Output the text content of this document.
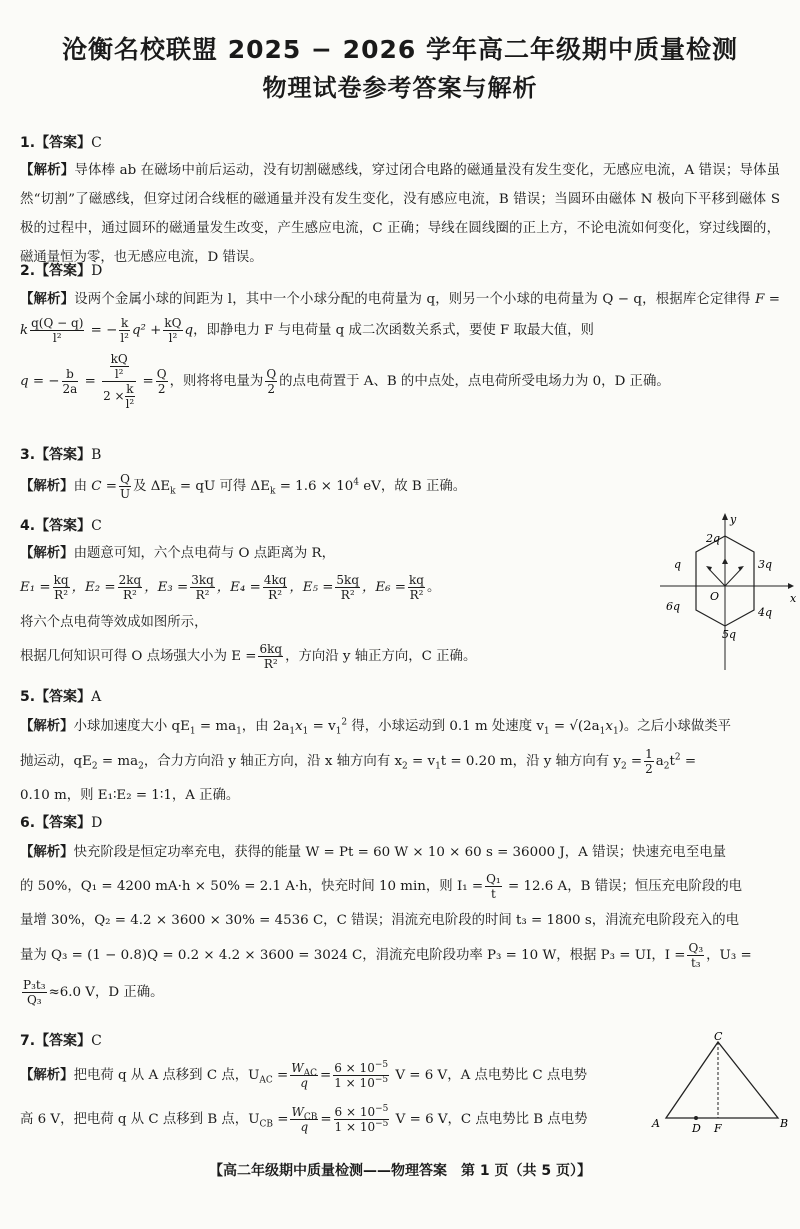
沧衡名校联盟 2025 − 2026 学年高二年级期中质量检测
物理试卷参考答案与解析
1.【答案】C

【解析】导体棒 ab 在磁场中前后运动，没有切割磁感线，穿过闭合电路的磁通量没有发生变化，无感应电流，A 错误；导体虽然“切割”了磁感线，但穿过闭合线框的磁通量并没有发生变化，没有感应电流，B 错误；当圆环由磁体 N 极向下平移到磁体 S 极的过程中，通过圆环的磁通量发生改变，产生感应电流，C 正确；导线在圆线圈的正上方，不论电流如何变化，穿过线圈的，磁通量恒为零，也无感应电流，D 错误。

2.【答案】D

【解析】设两个金属小球的间距为 l，其中一个小球分配的电荷量为 q，则另一个小球的电荷量为 Q − q，根据库仑定律得 F = k $\frac{q(Q - q)}{\text{l²}}$ = − $\frac{k}{\text{l²}} q^2 + \frac{kQ}{\text{l²}}$ q，即静电力 F 与电荷量 q 成二次函数关系式，要使 F 取最大值，则

q = − $\frac{b}{2a} = \frac{\frac{kQ}{\text{l²}}}{2 \times \frac{k}{\text{l²}}} = \frac{Q}{2}$ ，则将将电量为 $\frac{Q}{2}$ 的点电荷置于 A、B 的中点处，点电荷所受电场力为 0，D 正确。

3.【答案】B

【解析】由 $C = \frac{Q}{U}$ 及 $\Delta E_k$ = qU 可得 $\Delta E_k = 1.6 \times 10^4$ eV，故 B 正确。

4.【答案】C

【解析】由题意可知，六个点电荷与 O 点距离为 R，

$E_1 = \frac{kq}{\text{R²}}$ ，$E_2 = \frac{2kq}{\text{R²}}$ ，$E_3 = \frac{3kq}{\text{R²}}$ ，$E_4 = \frac{4kq}{\text{R²}}$ ，$E_5 = \frac{5kq}{\text{R²}}$ ，$E_6 = \frac{kq}{\text{R²}}$ 。

将六个点电荷等效成如图所示，

根据几何知识可得 O 点场强大小为 $E = \frac{6kq}{\text{R²}}$ ，方向沿 y 轴正方向，C 正确。

y
x
O
2q
q	3q
6q	4q
5q
5.【答案】A

【解析】小球加速度大小 $qE_1 = ma_1$，由 $2a_1x_1 = v_1^2$ 得，小球运动到 0.1 m 处速度 $v_1 = √(2a_1x_1)$。之后小球做类平

抛运动，$qE_2 = ma_2$，合力方向沿 y 轴正方向，沿 x 轴方向有 $x_2 = v_1t = 0.20$ m，沿 y 轴方向有 $y_2 = \frac{1}{2} a_2t^2$ =

0.10 m，则 E₁∶E₂ = 1∶1，A 正确。

6.【答案】D

【解析】快充阶段是恒定功率充电，获得的能量 W = Pt = 60 W × 10 × 60 s = 36000 J，A 错误；快速充电至电量

的 50%，Q₁ = 4200 mA·h × 50% = 2.1 A·h，快充时间 10 min，则 $I_1 = \frac{\text{Q₁}}{t} = 12.6$ A，B 错误；恒压充电阶段的电

量增 30%，Q₂ = 4.2 × 3600 × 30% = 4536 C，C 错误；涓流充电阶段的时间 t₃ = 1800 s，涓流充电阶段充入的电

量为 Q₃ = (1 − 0.8)Q = 0.2 × 4.2 × 3600 = 3024 C，涓流充电阶段功率 P₃ = 10 W，根据 P₃ = UI，$I = \frac{\text{Q₃}}{\text{t₃}}$ ，U₃ =

$\frac{\text{P₃t₃}}{\text{Q₃}} \approx 6.0$ V，D 正确。

7.【答案】C

【解析】把电荷 q 从 A 点移到 C 点，$U_{AC} = \frac{W_{AC}}{q} = \frac{6 \times 10^{-5}}{1 \times 10^{-5}}$ V = 6 V，A 点电势比 C 点电势

高 6 V，把电荷 q 从 C 点移到 B 点，$U_{CB} = \frac{W_{CB}}{q} = \frac{6 \times 10^{-5}}{1 \times 10^{-5}}$ V = 6 V，C 点电势比 B 点电势	A	B
C
D F
【高二年级期中质量检测——物理答案　第 1 页（共 5 页）】
